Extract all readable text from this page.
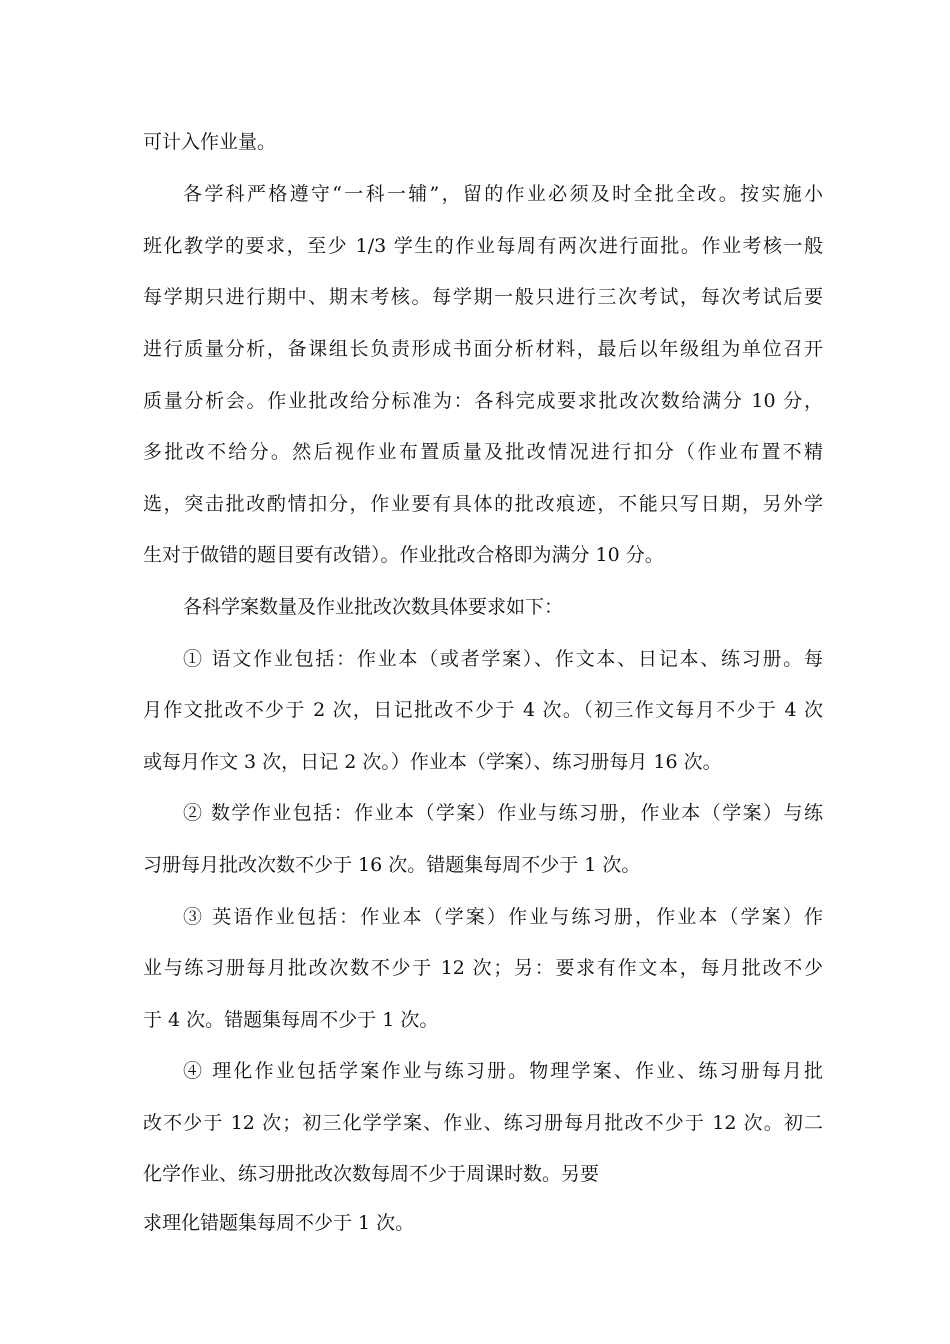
可计入作业量。
各学科严格遵守“一科一辅”，留的作业必须及时全批全改。按实施小
班化教学的要求，至少 1/3 学生的作业每周有两次进行面批。作业考核一般
每学期只进行期中、期末考核。每学期一般只进行三次考试，每次考试后要
进行质量分析，备课组长负责形成书面分析材料，最后以年级组为单位召开
质量分析会。作业批改给分标准为：各科完成要求批改次数给满分 10 分，
多批改不给分。然后视作业布置质量及批改情况进行扣分（作业布置不精
选，突击批改酌情扣分，作业要有具体的批改痕迹，不能只写日期，另外学
生对于做错的题目要有改错）。作业批改合格即为满分 10 分。
各科学案数量及作业批改次数具体要求如下：
① 语文作业包括：作业本（或者学案）、作文本、日记本、练习册。每
月作文批改不少于 2 次，日记批改不少于 4 次。（初三作文每月不少于 4 次
或每月作文 3 次，日记 2 次。）作业本（学案）、练习册每月 16 次。
② 数学作业包括：作业本（学案）作业与练习册，作业本（学案）与练
习册每月批改次数不少于 16 次。错题集每周不少于 1 次。
③ 英语作业包括：作业本（学案）作业与练习册，作业本（学案）作
业与练习册每月批改次数不少于 12 次；另：要求有作文本，每月批改不少
于 4 次。错题集每周不少于 1 次。
④ 理化作业包括学案作业与练习册。物理学案、作业、练习册每月批
改不少于 12 次；初三化学学案、作业、练习册每月批改不少于 12 次。初二
化学作业、练习册批改次数每周不少于周课时数。另要
求理化错题集每周不少于 1 次。
